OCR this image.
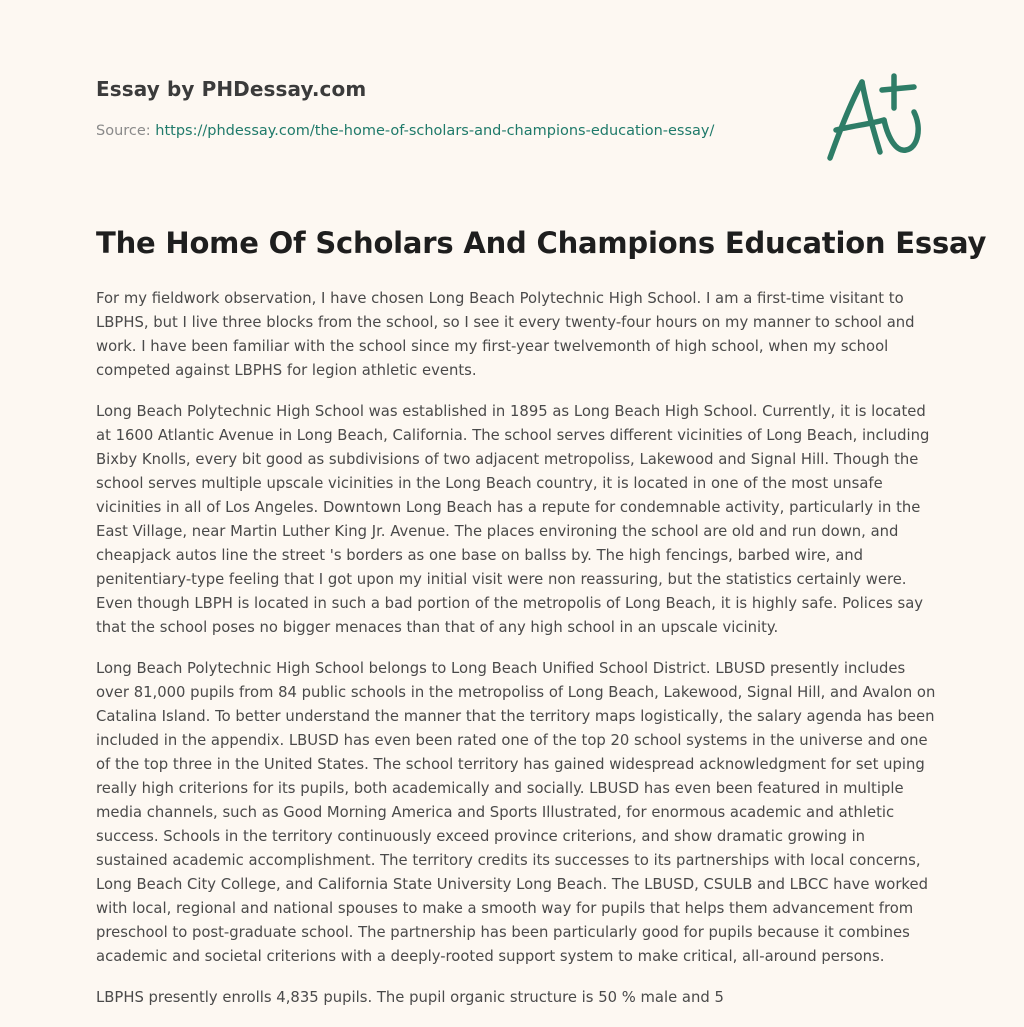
Essay by PHDessay.com
Source: https://phdessay.com/the-home-of-scholars-and-champions-education-essay/
The Home Of Scholars And Champions Education Essay

For my fieldwork observation, I have chosen Long Beach Polytechnic High School. I am a first-time visitant to LBPHS, but I live three blocks from the school, so I see it every twenty-four hours on my manner to school and work. I have been familiar with the school since my first-year twelvemonth of high school, when my school competed against LBPHS for legion athletic events.

Long Beach Polytechnic High School was established in 1895 as Long Beach High School. Currently, it is located at 1600 Atlantic Avenue in Long Beach, California. The school serves different vicinities of Long Beach, including Bixby Knolls, every bit good as subdivisions of two adjacent metropoliss, Lakewood and Signal Hill. Though the school serves multiple upscale vicinities in the Long Beach country, it is located in one of the most unsafe vicinities in all of Los Angeles. Downtown Long Beach has a repute for condemnable activity, particularly in the East Village, near Martin Luther King Jr. Avenue. The places environing the school are old and run down, and cheapjack autos line the street 's borders as one base on ballss by. The high fencings, barbed wire, and penitentiary-type feeling that I got upon my initial visit were non reassuring, but the statistics certainly were. Even though LBPH is located in such a bad portion of the metropolis of Long Beach, it is highly safe. Polices say that the school poses no bigger menaces than that of any high school in an upscale vicinity.

Long Beach Polytechnic High School belongs to Long Beach Unified School District. LBUSD presently includes over 81,000 pupils from 84 public schools in the metropoliss of Long Beach, Lakewood, Signal Hill, and Avalon on Catalina Island. To better understand the manner that the territory maps logistically, the salary agenda has been included in the appendix. LBUSD has even been rated one of the top 20 school systems in the universe and one of the top three in the United States. The school territory has gained widespread acknowledgment for set uping really high criterions for its pupils, both academically and socially. LBUSD has even been featured in multiple media channels, such as Good Morning America and Sports Illustrated, for enormous academic and athletic success. Schools in the territory continuously exceed province criterions, and show dramatic growing in sustained academic accomplishment. The territory credits its successes to its partnerships with local concerns, Long Beach City College, and California State University Long Beach. The LBUSD, CSULB and LBCC have worked with local, regional and national spouses to make a smooth way for pupils that helps them advancement from preschool to post-graduate school. The partnership has been particularly good for pupils because it combines academic and societal criterions with a deeply-rooted support system to make critical, all-around persons.

LBPHS presently enrolls 4,835 pupils. The pupil organic structure is 50 % male and 5
